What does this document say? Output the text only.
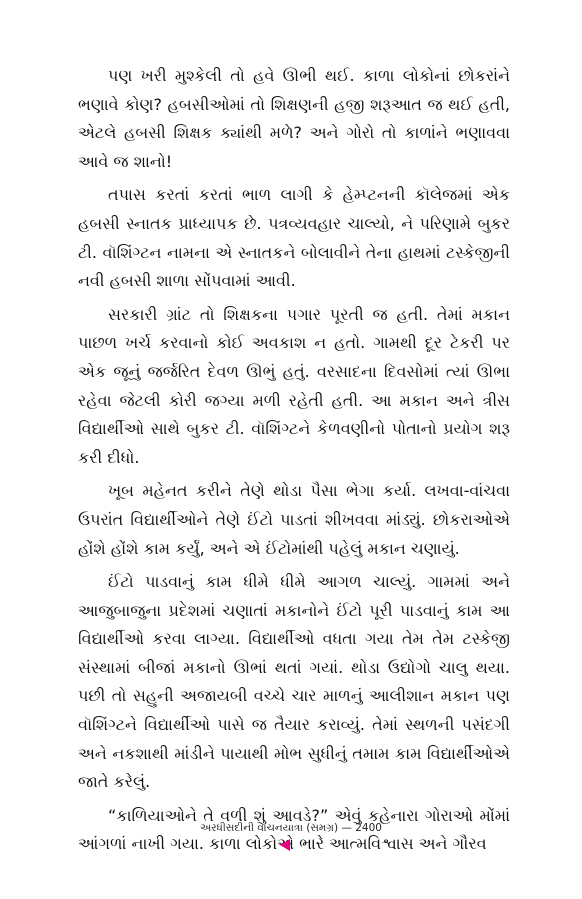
પણ ખરી મુશ્કેલી તો હવે ઊભી થઈ. કાળા લોકોનાં છોકરાંને ભણાવે કોણ? હબસીઓમાં તો શિક્ષણની હજી શરૂઆત જ થઈ હતી, એટલે હબસી શિક્ષક ક્યાંથી મળે? અને ગોરો તો કાળાંને ભણાવવા આવે જ શાનો!

તપાસ કરતાં કરતાં ભાળ લાગી કે હેમ્પ્ટનની કૉલેજમાં એક હબસી સ્નાતક પ્રાધ્યાપક છે. પત્રવ્યવહાર ચાલ્યો, ને પરિણામે બુકર ટી. વૉશિંગ્ટન નામના એ સ્નાતકને બોલાવીને તેના હાથમાં ટસ્કેજીની નવી હબસી શાળા સોંપવામાં આવી.

સરકારી ગ્રાંટ તો શિક્ષકના પગાર પૂરતી જ હતી. તેમાં મકાન પાછળ ખર્ચ કરવાનો કોઈ અવકાશ ન હતો. ગામથી દૂર ટેકરી પર એક જૂનું જર્જરિત દેવળ ઊભું હતું. વરસાદના દિવસોમાં ત્યાં ઊભા રહેવા જેટલી કોરી જગ્યા મળી રહેતી હતી. આ મકાન અને ત્રીસ વિદ્યાર્થીઓ સાથે બુકર ટી. વૉશિંગ્ટને કેળવણીનો પોતાનો પ્રયોગ શરૂ કરી દીધો.

ખૂબ મહેનત કરીને તેણે થોડા પૈસા ભેગા કર્યા. લખવા-વાંચવા ઉપરાંત વિદ્યાર્થીઓને તેણે ઈંટો પાડતાં શીખવવા માંડ્યું. છોકરાઓએ હોંશે હોંશે કામ કર્યું, અને એ ઈંટોમાંથી પહેલું મકાન ચણાયું.

ઈંટો પાડવાનું કામ ધીમે ધીમે આગળ ચાલ્યું. ગામમાં અને આજુબાજુના પ્રદેશમાં ચણાતાં મકાનોને ઈંટો પૂરી પાડવાનું કામ આ વિદ્યાર્થીઓ કરવા લાગ્યા. વિદ્યાર્થીઓ વધતા ગયા તેમ તેમ ટસ્કેજી સંસ્થામાં બીજાં મકાનો ઊભાં થતાં ગયાં. થોડા ઉદ્યોગો ચાલુ થયા. પછી તો સહુની અજાયબી વચ્ચે ચાર માળનું આલીશાન મકાન પણ વૉશિંગ્ટને વિદ્યાર્થીઓ પાસે જ તૈયાર કરાવ્યું. તેમાં સ્થળની પસંદગી અને નકશાથી માંડીને પાયાથી મોભ સુધીનું તમામ કામ વિદ્યાર્થીઓએ જાતે કરેલું.

“કાળિયાઓને તે વળી શું આવડે?” એવું કહેનારા ગોરાઓ મોંમાં આંગળાં નાખી ગયા. કાળા લોકોએ ભારે આત્મવિશ્વાસ અને ગૌરવ

અરધીસદીની વાચનયાત્રા (સમગ્ર) — 2400
